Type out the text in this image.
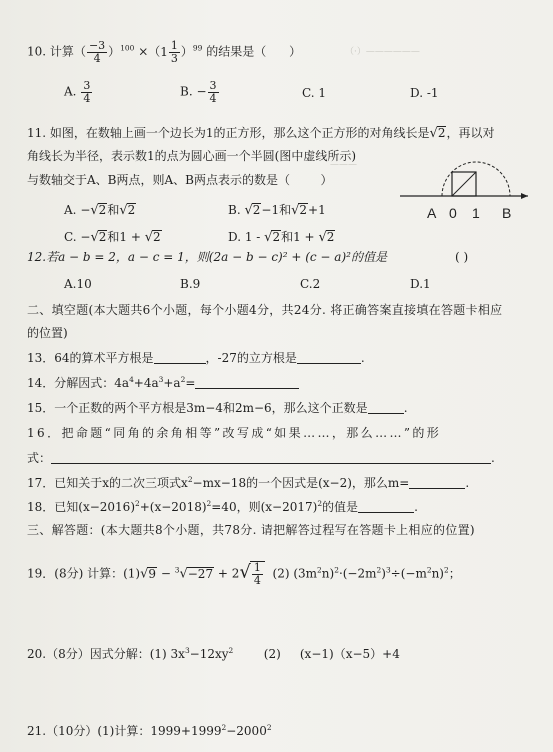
（·）——————
———
10. 计算（ $\frac{-3}{4} )^{100}$ ×（ $1 \frac{1}{3} )^{99}$ 的结果是（ ）
A. $\frac{3}{4}$	B. − $\frac{3}{4}$	C. 1	D. -1
11. 如图，在数轴上画一个边长为1的正方形，那么这个正方形的对角线长是√2，再以对
角线长为半径，表示数1的点为圆心画一个半圆(图中虚线所示)
与数轴交于A、B两点，则A、B两点表示的数是（	）
A. −√2和√2	B. √2−1和√2+1
C. −√2和1 + √2	D. 1 - √2和1 + √2
A 0 1 B
12.若a − b = 2，a − c = 1，则(2a − b − c)² + (c − a)²的值是	( )
A.10	B.9	C.2	D.1
二、填空题(本大题共6个小题，每个小题4分，共24分. 将正确答案直接填在答题卡相应
的位置)
13．64的算术平方根是	，-27的立方根是	.
14．分解因式：$4a^4+4a^3+a^2=$
15．一个正数的两个平方根是3m−4和2m−6，那么这个正数是	.
16．把命题“同角的余角相等”改写成“如果……，那么……”的形
式：	.
17．已知关于x的二次三项式$x^2-mx-18$的一个因式是(x−2)，那么m=	.
18．已知$(x-2016)^2+(x-2018)^2=40$，则$(x-2017)^2$的值是	.
三、解答题：(本大题共8个小题，共78分. 请把解答过程写在答题卡上相应的位置)
19．(8分) 计算：$(1)√9 - ^3√-27 + 2√ \frac{1}{4} (2)$ $(3m^2n)^2\cdot(-2m^2)^3\div(-m^2n)^2$；
20.（8分）因式分解：(1) $3x^3-12xy^2$	(2) (x−1)（x−5）+4
21.（10分）(1)计算：$1999+1999^2-2000^2$
